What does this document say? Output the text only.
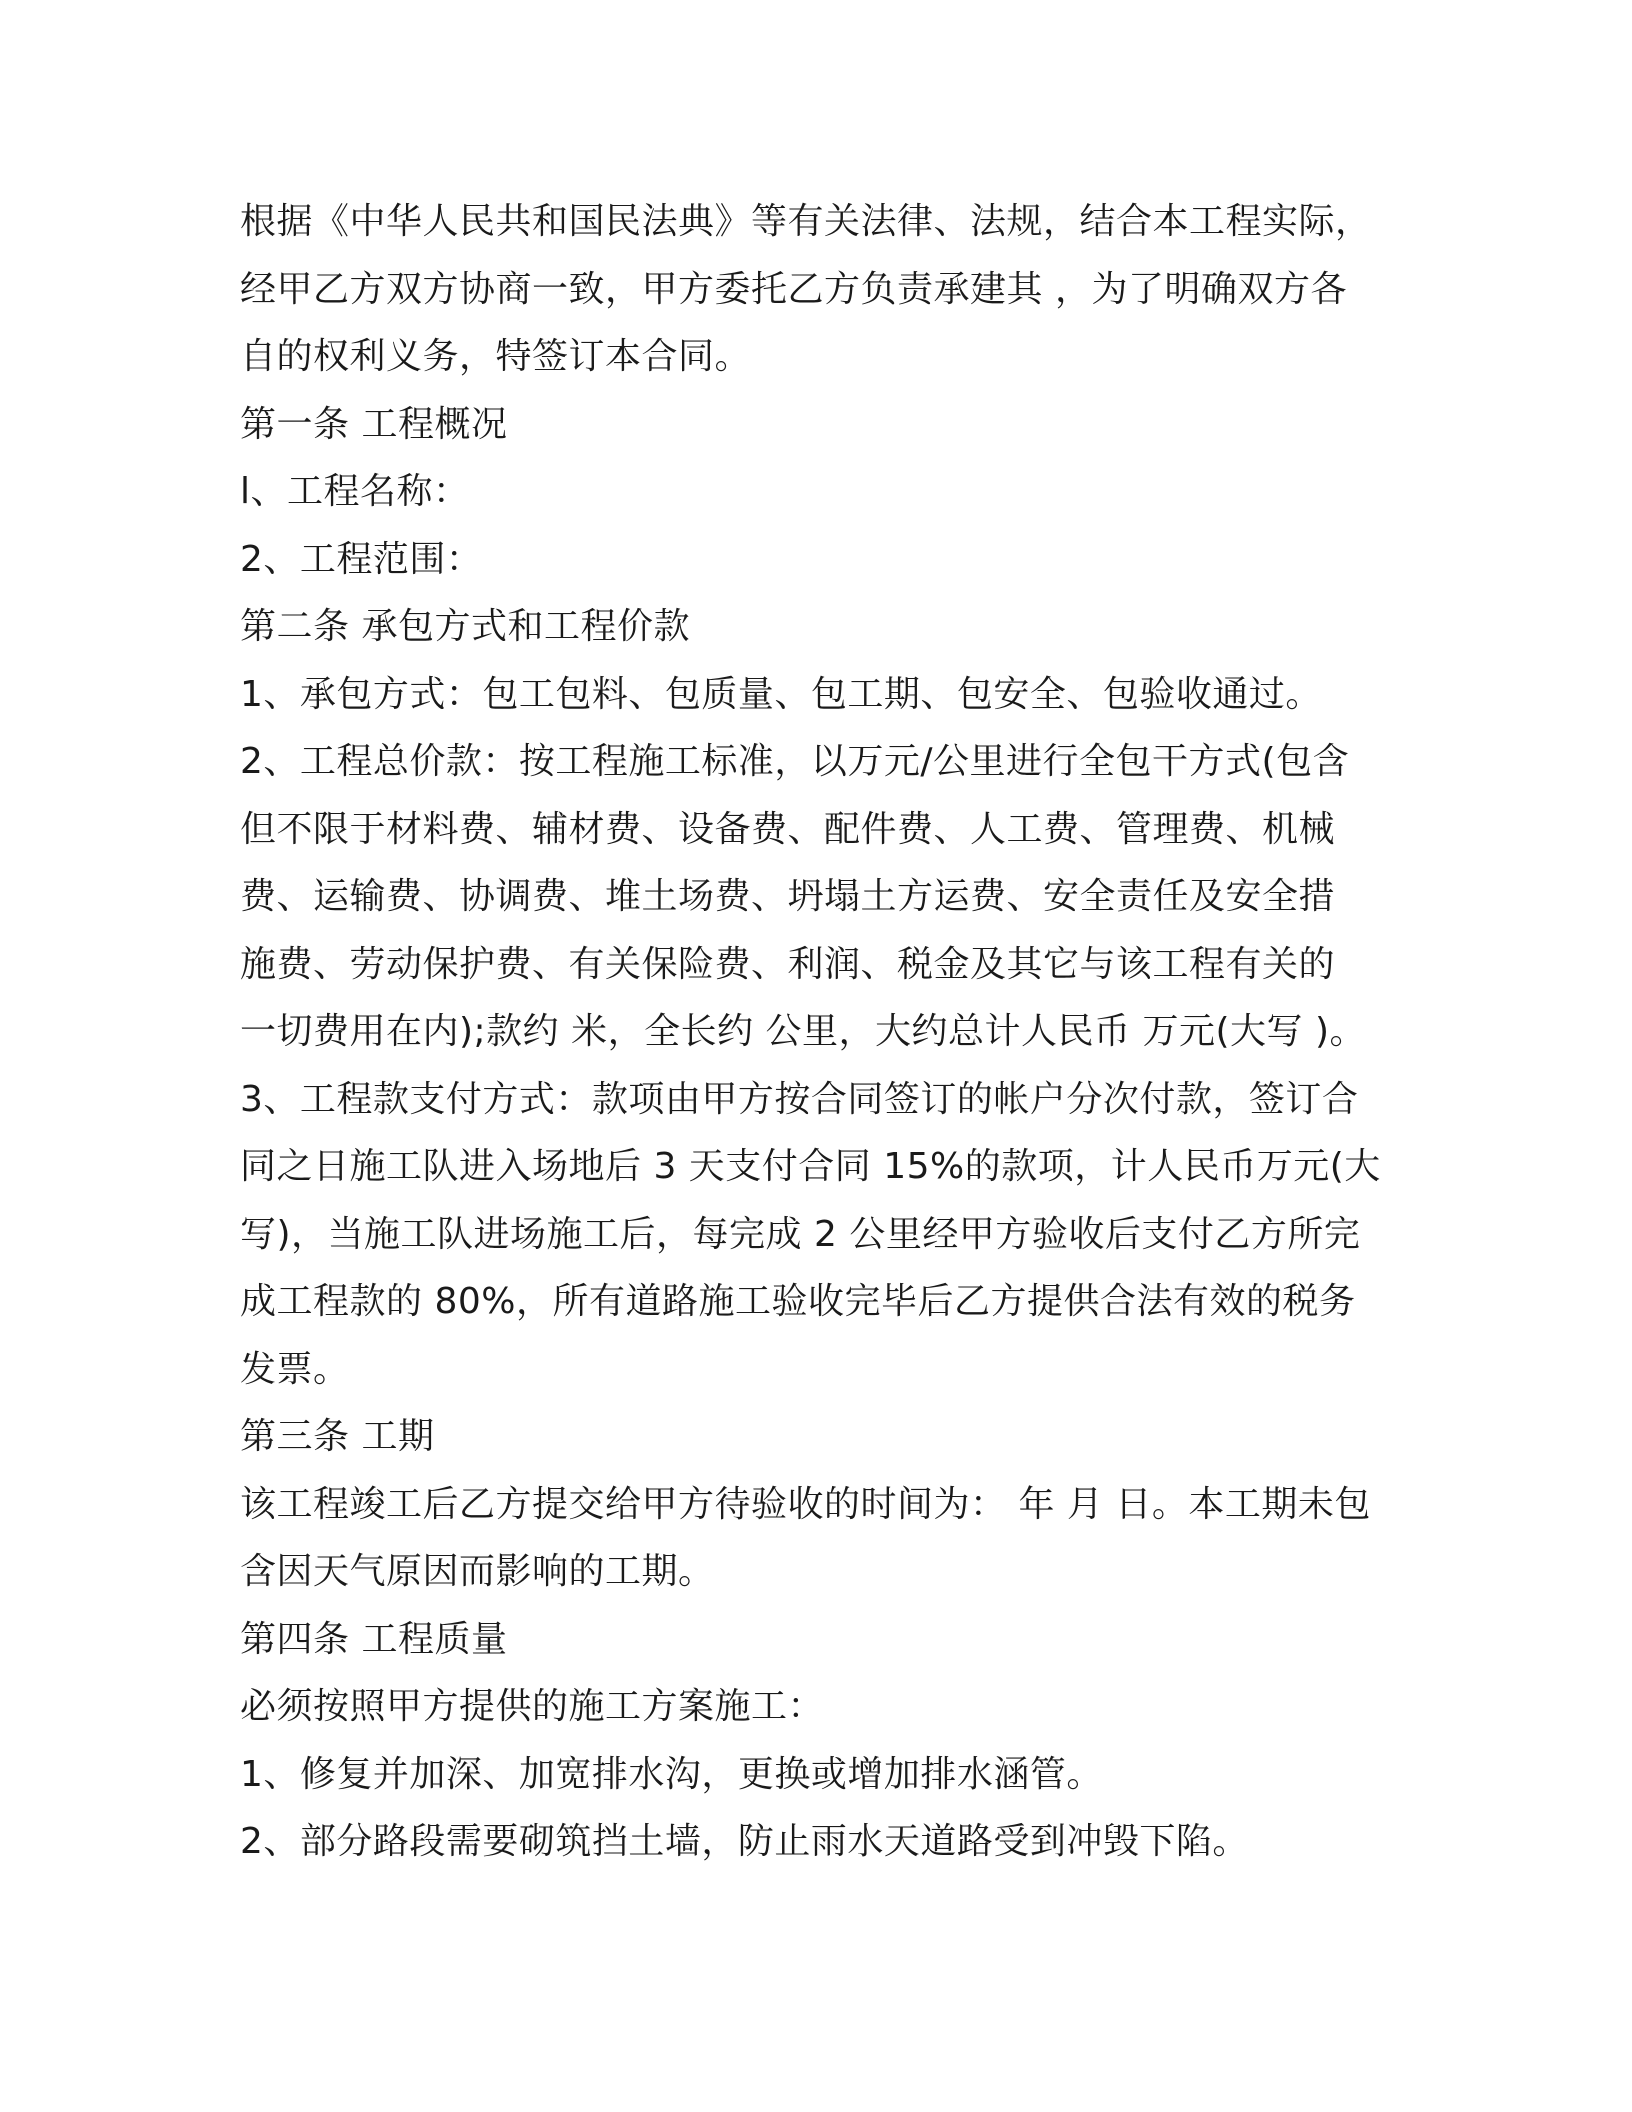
根据《中华人民共和国民法典》等有关法律、法规，结合本工程实际，
经甲乙方双方协商一致，甲方委托乙方负责承建其 ，为了明确双方各
自的权利义务，特签订本合同。
第一条 工程概况
l、工程名称：
2、工程范围：
第二条 承包方式和工程价款
1、承包方式：包工包料、包质量、包工期、包安全、包验收通过。
2、工程总价款：按工程施工标准，以万元/公里进行全包干方式(包含
但不限于材料费、辅材费、设备费、配件费、人工费、管理费、机械
费、运输费、协调费、堆土场费、坍塌土方运费、安全责任及安全措
施费、劳动保护费、有关保险费、利润、税金及其它与该工程有关的
一切费用在内);款约 米，全长约 公里，大约总计人民币 万元(大写 )。
3、工程款支付方式：款项由甲方按合同签订的帐户分次付款，签订合
同之日施工队进入场地后 3 天支付合同 15%的款项，计人民币万元(大
写)，当施工队进场施工后，每完成 2 公里经甲方验收后支付乙方所完
成工程款的 80%，所有道路施工验收完毕后乙方提供合法有效的税务
发票。
第三条 工期
该工程竣工后乙方提交给甲方待验收的时间为： 年 月 日。本工期未包
含因天气原因而影响的工期。
第四条 工程质量
必须按照甲方提供的施工方案施工：
1、修复并加深、加宽排水沟，更换或增加排水涵管。
2、部分路段需要砌筑挡土墙，防止雨水天道路受到冲毁下陷。
